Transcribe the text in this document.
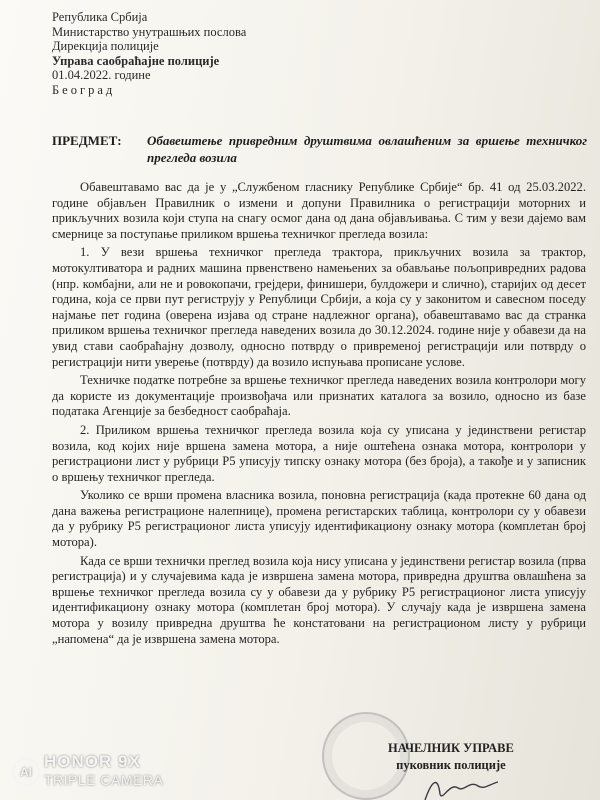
Република Србија
Министарство унутрашњих послова
Дирекција полиције
Управа саобраћајне полиције
01.04.2022. године
Београд
ПРЕДМЕТ: Обавештење привредним друштвима овлашћеним за вршење техничког прегледа возила

Обавештавамо вас да је у „Службеном гласнику Републике Србије“ бр. 41 од 25.03.2022. године објављен Правилник о измени и допуни Правилника о регистрацији моторних и прикључних возила који ступа на снагу осмог дана од дана објављивања. С тим у вези дајемо вам смернице за поступање приликом вршења техничког прегледа возила:

1. У вези вршења техничког прегледа трактора, прикључних возила за трактор, мотокултиватора и радних машина првенствено намењених за обављање пољопривредних радова (нпр. комбајни, али не и ровокопачи, грејдери, финишери, булдожери и слично), старијих од десет година, која се први пут региструју у Републици Србији, а која су у законитом и савесном поседу најмање пет година (оверена изјава од стране надлежног органа), обавештавамо вас да странка приликом вршења техничког прегледа наведених возила до 30.12.2024. године није у обавези да на увид стави саобраћајну дозволу, односно потврду о привременој регистрацији или потврду о регистрацији нити уверење (потврду) да возило испуњава прописане услове.

Техничке податке потребне за вршење техничког прегледа наведених возила контролори могу да користе из документације произвођача или признатих каталога за возило, односно из базе података Агенције за безбедност саобраћаја.

2. Приликом вршења техничког прегледа возила која су уписана у јединствени регистар возила, код којих није вршена замена мотора, а није оштећена ознака мотора, контролори у регистрациони лист у рубрици Р5 уписују типску ознаку мотора (без броја), а такође и у записник о вршењу техничког прегледа.

Уколико се врши промена власника возила, поновна регистрација (када протекне 60 дана од дана важења регистрационе налепнице), промена регистарских таблица, контролори су у обавези да у рубрику Р5 регистрационог листа уписују идентификациону ознаку мотора (комплетан број мотора).

Када се врши технички преглед возила која нису уписана у јединствени регистар возила (прва регистрација) и у случајевима када је извршена замена мотора, привредна друштва овлашћена за вршење техничког прегледа возила су у обавези да у рубрику Р5 регистрационог листа уписују идентификациону ознаку мотора (комплетан број мотора). У случају када је извршена замена мотора у возилу привредна друштва ће констатовани на регистрационом листу у рубрици „напомена“ да је извршена замена мотора.

НАЧЕЛНИК УПРАВЕ
пуковник полиције
AI
HONOR 9X
TRIPLE CAMERA
